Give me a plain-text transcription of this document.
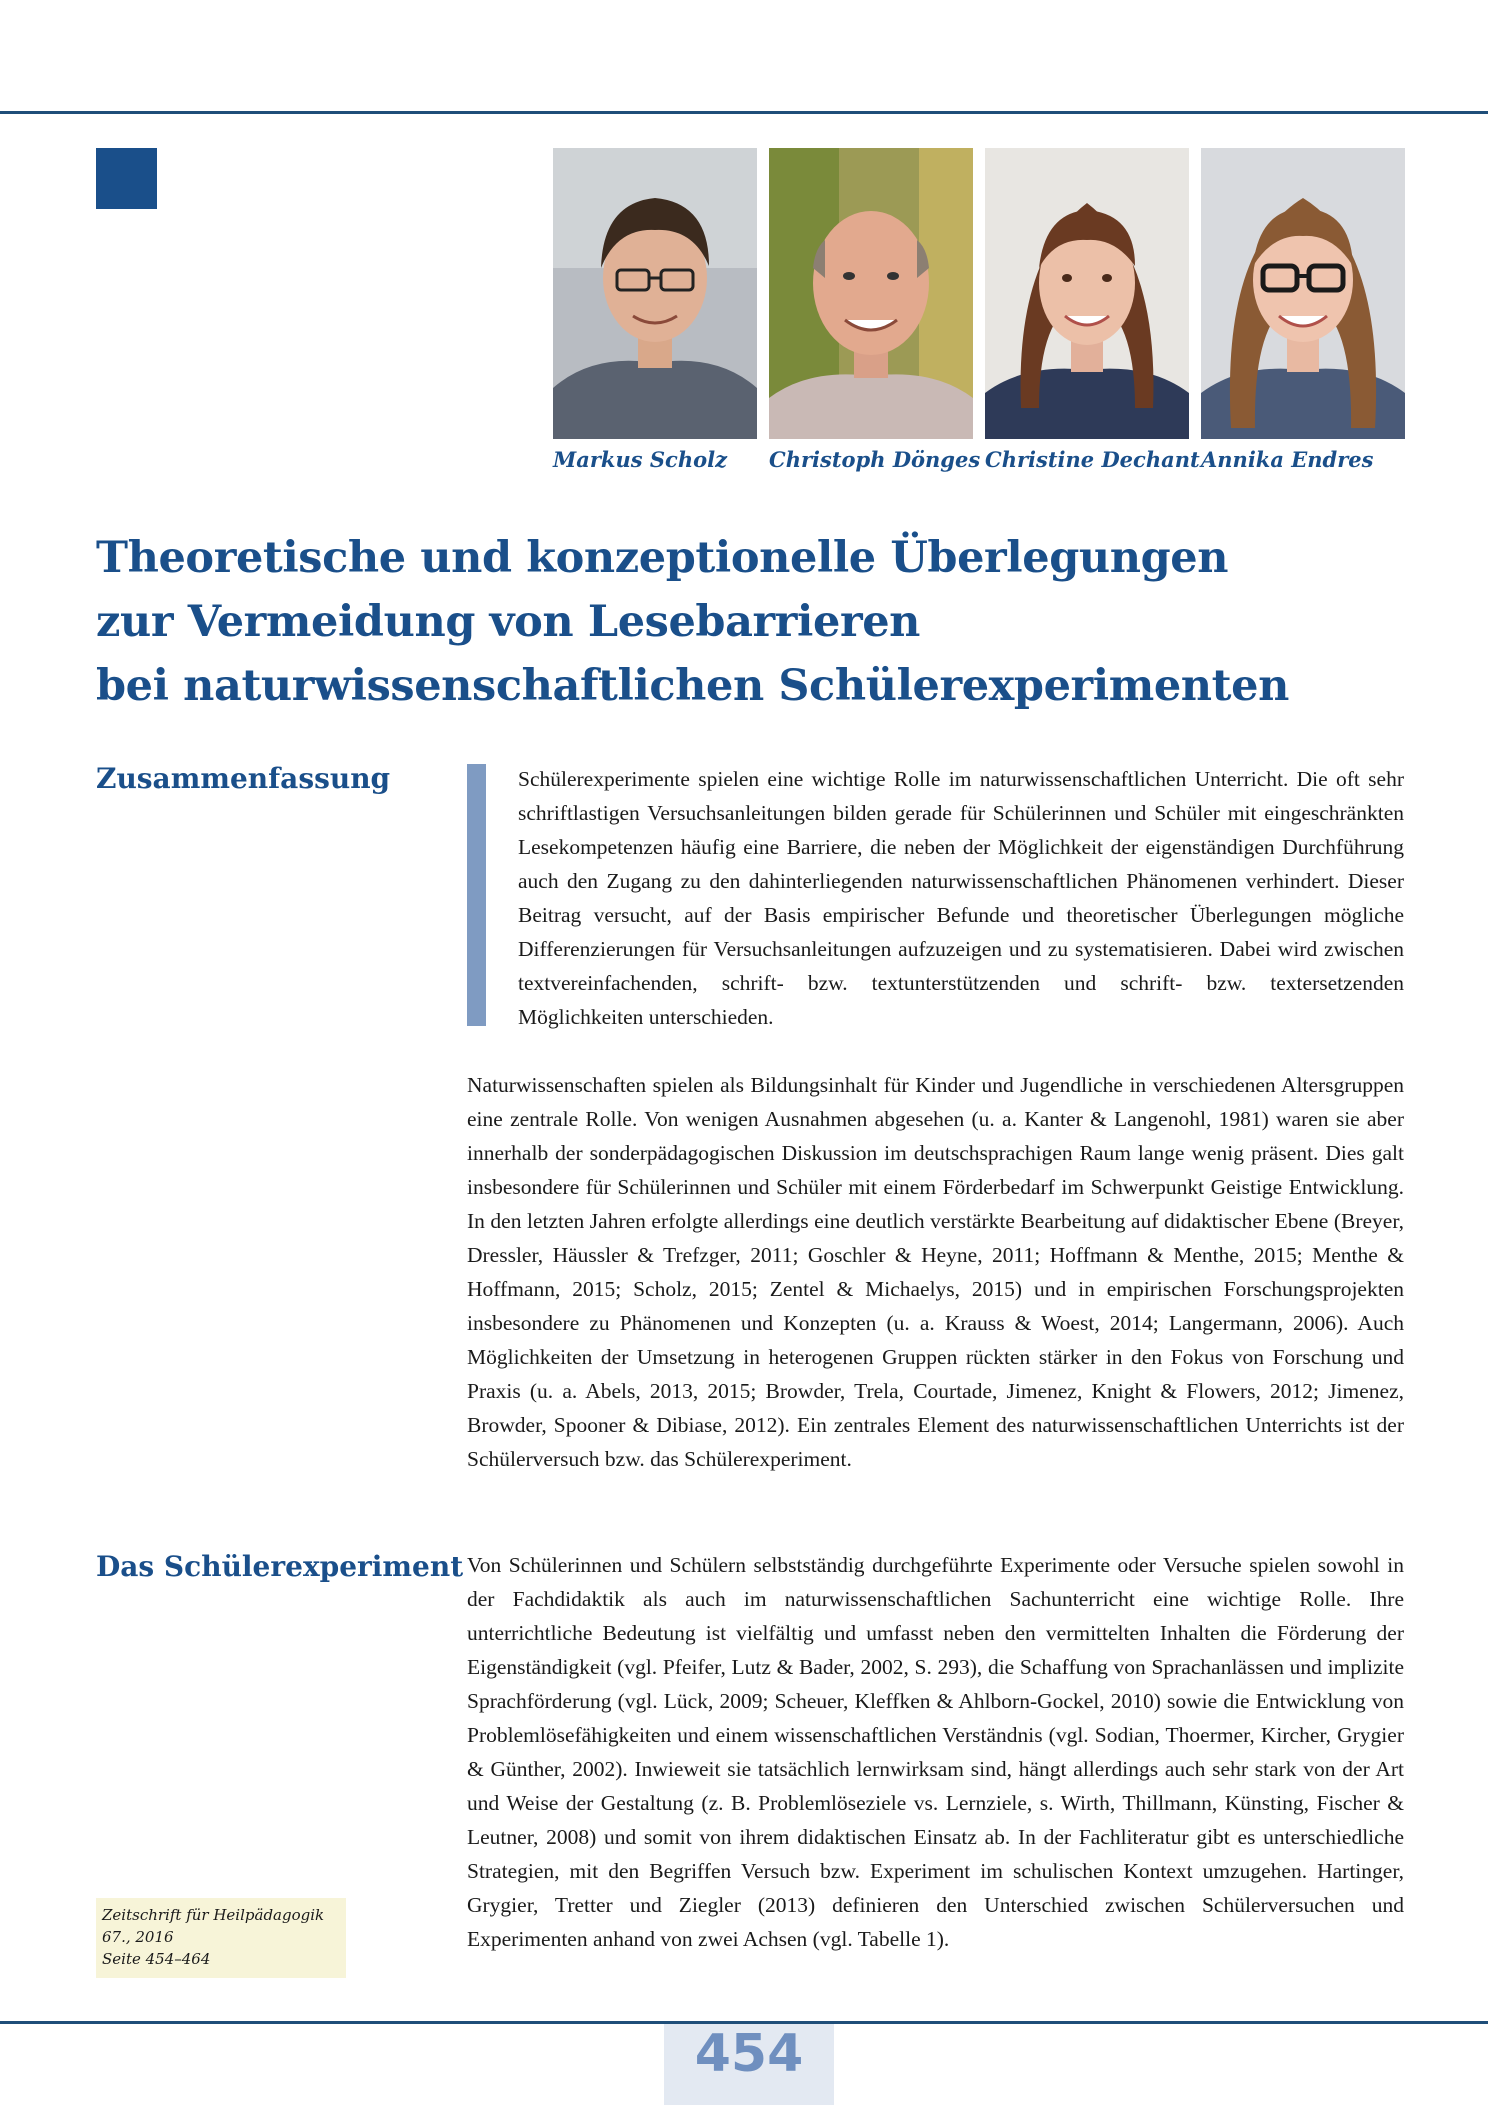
Markus Scholz	Christoph Dönges Christine Dechant Annika Endres
Theoretische und konzeptionelle Überlegungen
zur Vermeidung von Lesebarrieren
bei naturwissenschaftlichen Schülerexperimenten
Zusammenfassung	Schülerexperimente spielen eine wichtige Rolle im naturwissenschaftlichen Unterricht. Die oft sehr schriftlastigen Versuchsanleitungen bilden gerade für Schülerinnen und Schüler mit eingeschränkten Lesekompetenzen häufig eine Barriere, die neben der Möglichkeit der eigenständigen Durchführung auch den Zugang zu den dahinterliegenden naturwissenschaftlichen Phänomenen verhindert. Dieser Beitrag versucht, auf der Basis empirischer Befunde und theoretischer Überlegungen mögliche Differenzierungen für Versuchsanleitungen aufzuzeigen und zu systematisieren. Dabei wird zwischen textvereinfachenden, schrift- bzw. textunterstützenden und schrift- bzw. textersetzenden Möglichkeiten unterschieden.
Naturwissenschaften spielen als Bildungsinhalt für Kinder und Jugendliche in verschiedenen Altersgruppen eine zentrale Rolle. Von wenigen Ausnahmen abgesehen (u. a. Kanter & Langenohl, 1981) waren sie aber innerhalb der sonderpädagogischen Diskussion im deutschsprachigen Raum lange wenig präsent. Dies galt insbesondere für Schülerinnen und Schüler mit einem Förderbedarf im Schwerpunkt Geistige Entwicklung. In den letzten Jahren erfolgte allerdings eine deutlich verstärkte Bearbeitung auf didaktischer Ebene (Breyer, Dressler, Häussler & Trefzger, 2011; Goschler & Heyne, 2011; Hoffmann & Menthe, 2015; Menthe & Hoffmann, 2015; Scholz, 2015; Zentel & Michaelys, 2015) und in empirischen Forschungsprojekten insbesondere zu Phänomenen und Konzepten (u. a. Krauss & Woest, 2014; Langermann, 2006). Auch Möglichkeiten der Umsetzung in heterogenen Gruppen rückten stärker in den Fokus von Forschung und Praxis (u. a. Abels, 2013, 2015; Browder, Trela, Courtade, Jimenez, Knight & Flowers, 2012; Jimenez, Browder, Spooner & Dibiase, 2012). Ein zentrales Element des naturwissenschaftlichen Unterrichts ist der Schülerversuch bzw. das Schülerexperiment.
Das Schülerexperiment Von Schülerinnen und Schülern selbstständig durchgeführte Experimente oder Versuche spielen sowohl in der Fachdidaktik als auch im naturwissenschaftlichen Sachunterricht eine wichtige Rolle. Ihre unterrichtliche Bedeutung ist vielfältig und umfasst neben den vermittelten Inhalten die Förderung der Eigenständigkeit (vgl. Pfeifer, Lutz & Bader, 2002, S. 293), die Schaffung von Sprachanlässen und implizite Sprachförderung (vgl. Lück, 2009; Scheuer, Kleffken & Ahlborn-Gockel, 2010) sowie die Entwicklung von Problemlösefähigkeiten und einem wissenschaftlichen Verständnis (vgl. Sodian, Thoermer, Kircher, Grygier & Günther, 2002). Inwieweit sie tatsächlich lernwirksam sind, hängt allerdings auch sehr stark von der Art und Weise der Gestaltung (z. B. Problemlöseziele vs. Lernziele, s. Wirth, Thillmann, Künsting, Fischer & Leutner, 2008) und somit von ihrem didaktischen Einsatz ab. In der Fachliteratur gibt es unterschiedliche Strategien, mit den Begriffen Versuch bzw. Experiment im schulischen Kontext umzugehen. Hartinger, Grygier, Tretter und Ziegler (2013) definieren den Unterschied zwischen Schülerversuchen und Experimenten anhand von zwei Achsen (vgl. Tabelle 1).
Zeitschrift für Heilpädagogik
67., 2016
Seite 454–464
454
